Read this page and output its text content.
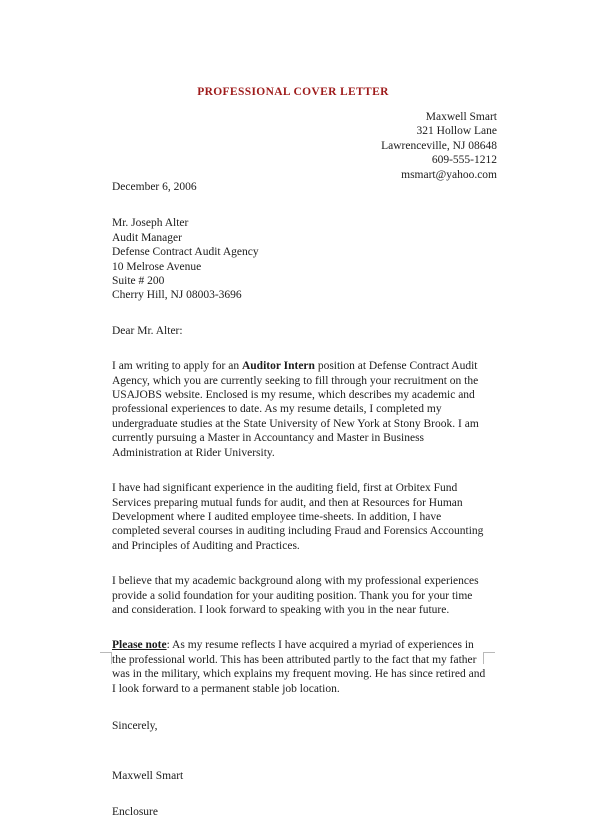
PROFESSIONAL COVER LETTER
Maxwell Smart
321 Hollow Lane
Lawrenceville, NJ 08648
609-555-1212
msmart@yahoo.com
December 6, 2006
Mr. Joseph Alter
Audit Manager
Defense Contract Audit Agency
10 Melrose Avenue
Suite # 200
Cherry Hill, NJ 08003-3696
Dear Mr. Alter:

I am writing to apply for an Auditor Intern position at Defense Contract Audit Agency, which you are currently seeking to fill through your recruitment on the USAJOBS website. Enclosed is my resume, which describes my academic and professional experiences to date. As my resume details, I completed my undergraduate studies at the State University of New York at Stony Brook. I am currently pursuing a Master in Accountancy and Master in Business Administration at Rider University.

I have had significant experience in the auditing field, first at Orbitex Fund Services preparing mutual funds for audit, and then at Resources for Human Development where I audited employee time-sheets. In addition, I have completed several courses in auditing including Fraud and Forensics Accounting and Principles of Auditing and Practices.

I believe that my academic background along with my professional experiences provide a solid foundation for your auditing position. Thank you for your time and consideration. I look forward to speaking with you in the near future.

Please note: As my resume reflects I have acquired a myriad of experiences in the professional world. This has been attributed partly to the fact that my father was in the military, which explains my frequent moving. He has since retired and I look forward to a permanent stable job location.

Sincerely,
Maxwell Smart
Enclosure
